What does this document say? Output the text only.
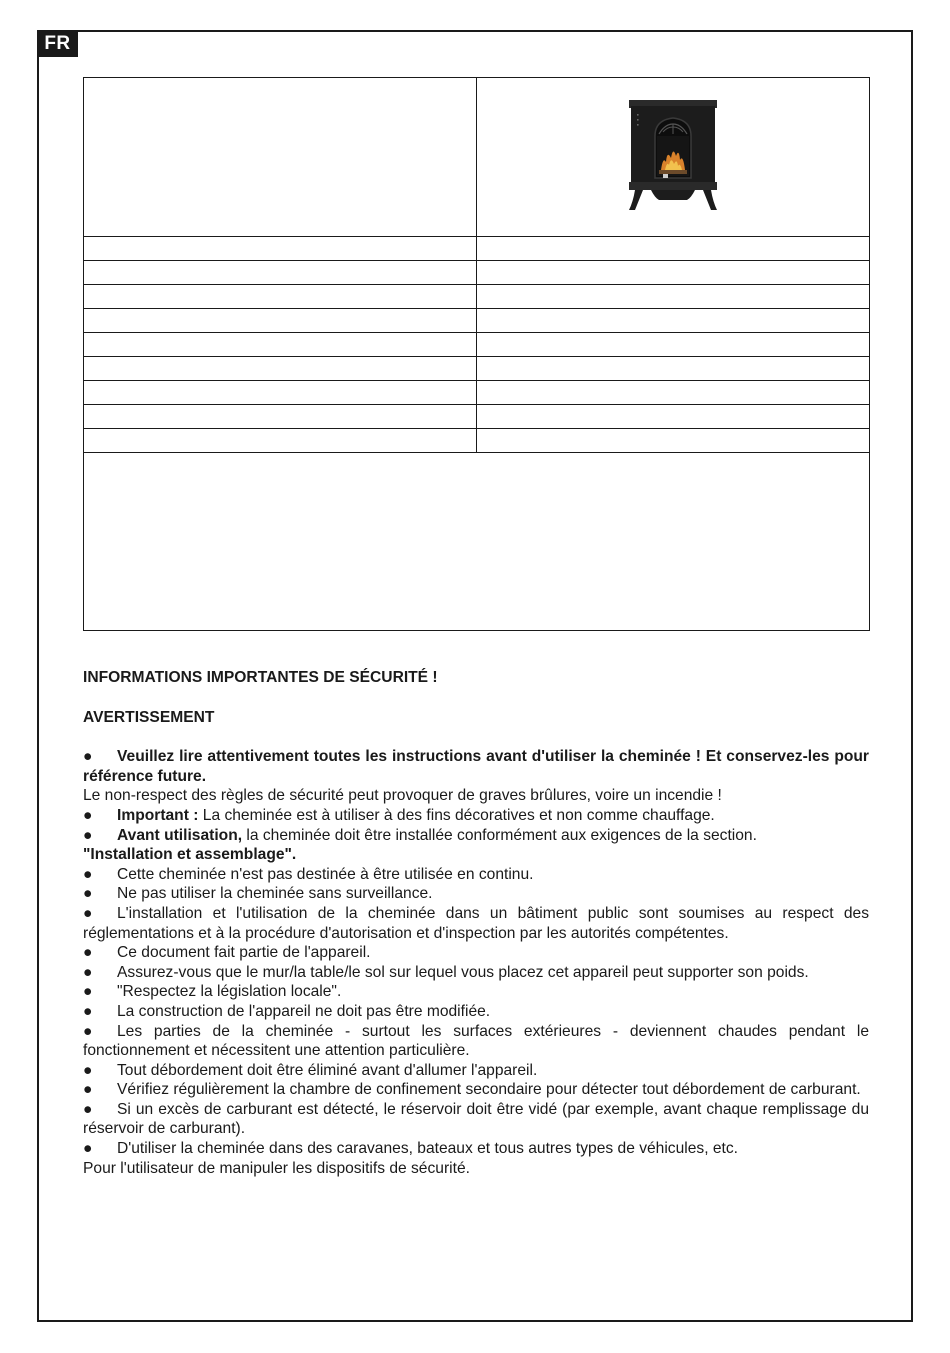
FR

INFORMATIONS IMPORTANTES DE SÉCURITÉ !

AVERTISSEMENT

● Veuillez lire attentivement toutes les instructions avant d'utiliser la cheminée ! Et conservez-les pour référence future.

Le non-respect des règles de sécurité peut provoquer de graves brûlures, voire un incendie !

● Important : La cheminée est à utiliser à des fins décoratives et non comme chauffage.

● Avant utilisation, la cheminée doit être installée conformément aux exigences de la section.

"Installation et assemblage".

● Cette cheminée n'est pas destinée à être utilisée en continu.

● Ne pas utiliser la cheminée sans surveillance.

● L'installation et l'utilisation de la cheminée dans un bâtiment public sont soumises au respect des réglementations et à la procédure d'autorisation et d'inspection par les autorités compétentes.

● Ce document fait partie de l'appareil.

● Assurez-vous que le mur/la table/le sol sur lequel vous placez cet appareil peut supporter son poids.

● "Respectez la législation locale".

● La construction de l'appareil ne doit pas être modifiée.

● Les parties de la cheminée - surtout les surfaces extérieures - deviennent chaudes pendant le fonctionnement et nécessitent une attention particulière.

● Tout débordement doit être éliminé avant d'allumer l'appareil.

● Vérifiez régulièrement la chambre de confinement secondaire pour détecter tout débordement de carburant.

● Si un excès de carburant est détecté, le réservoir doit être vidé (par exemple, avant chaque remplissage du réservoir de carburant).

● D'utiliser la cheminée dans des caravanes, bateaux et tous autres types de véhicules, etc.

Pour l'utilisateur de manipuler les dispositifs de sécurité.
